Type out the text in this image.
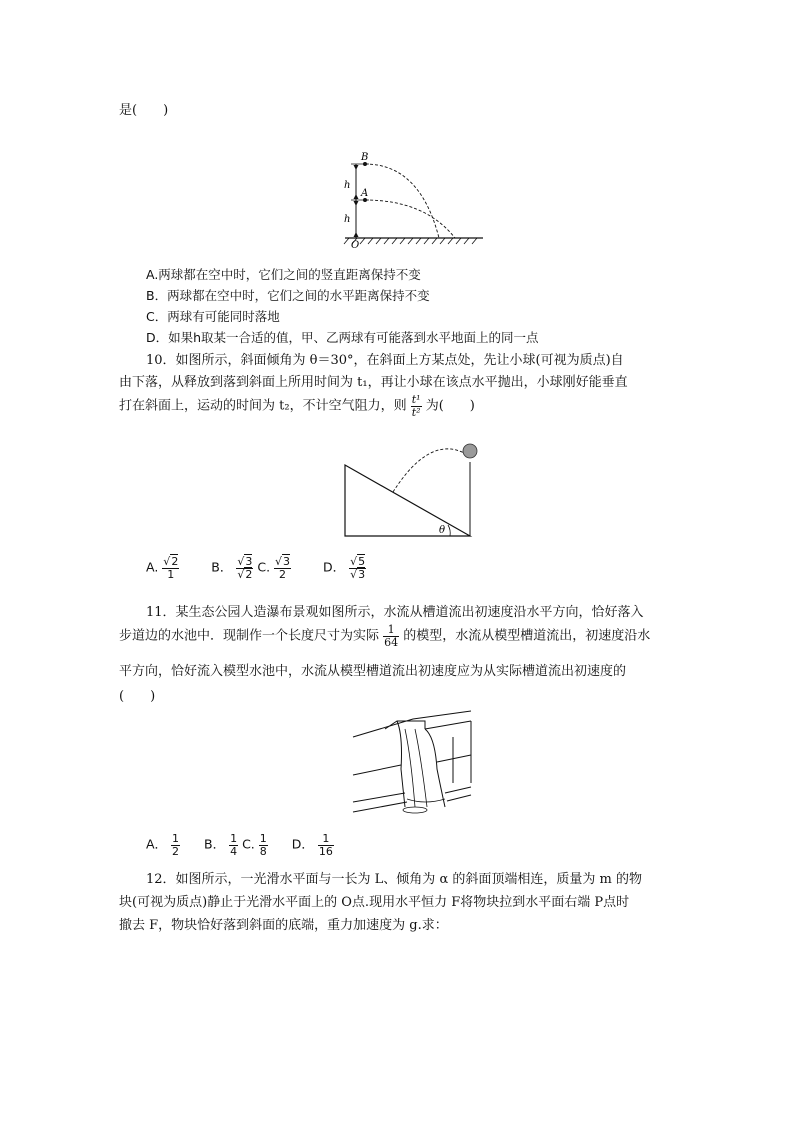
是(　　)
B
A
h
h
O
A.两球都在空中时，它们之间的竖直距离保持不变
B．两球都在空中时，它们之间的水平距离保持不变
C．两球有可能同时落地
D．如果h取某一合适的值，甲、乙两球有可能落到水平地面上的同一点
10．如图所示，斜面倾角为 θ＝30°，在斜面上方某点处，先让小球(可视为质点)自
由下落，从释放到落到斜面上所用时间为 t₁，再让小球在该点水平抛出，小球刚好能垂直
打在斜面上，运动的时间为 t₂，不计空气阻力，则 $\frac{\text{t¹}}{\text{t²}}$ 为(　　)
θ
A. $\frac{√2}{1}$	B． $\frac{√3}{√2} C$. $\frac{√3}{2}$	D． $\frac{√5}{√3}$
11．某生态公园人造瀑布景观如图所示，水流从槽道流出初速度沿水平方向，恰好落入
步道边的水池中．现制作一个长度尺寸为实际 $\frac{1}{64}$ 的模型，水流从模型槽道流出，初速度沿水
平方向，恰好流入模型水池中，水流从模型槽道流出初速度应为从实际槽道流出初速度的
(　　)
A． $\frac{1}{2}$ B． $\frac{1}{4} C$. $\frac{1}{8}$ D． $\frac{1}{16}$
12．如图所示，一光滑水平面与一长为 L、倾角为 α 的斜面顶端相连，质量为 m 的物
块(可视为质点)静止于光滑水平面上的 O点.现用水平恒力 F将物块拉到水平面右端 P点时
撤去 F，物块恰好落到斜面的底端，重力加速度为 g.求：
